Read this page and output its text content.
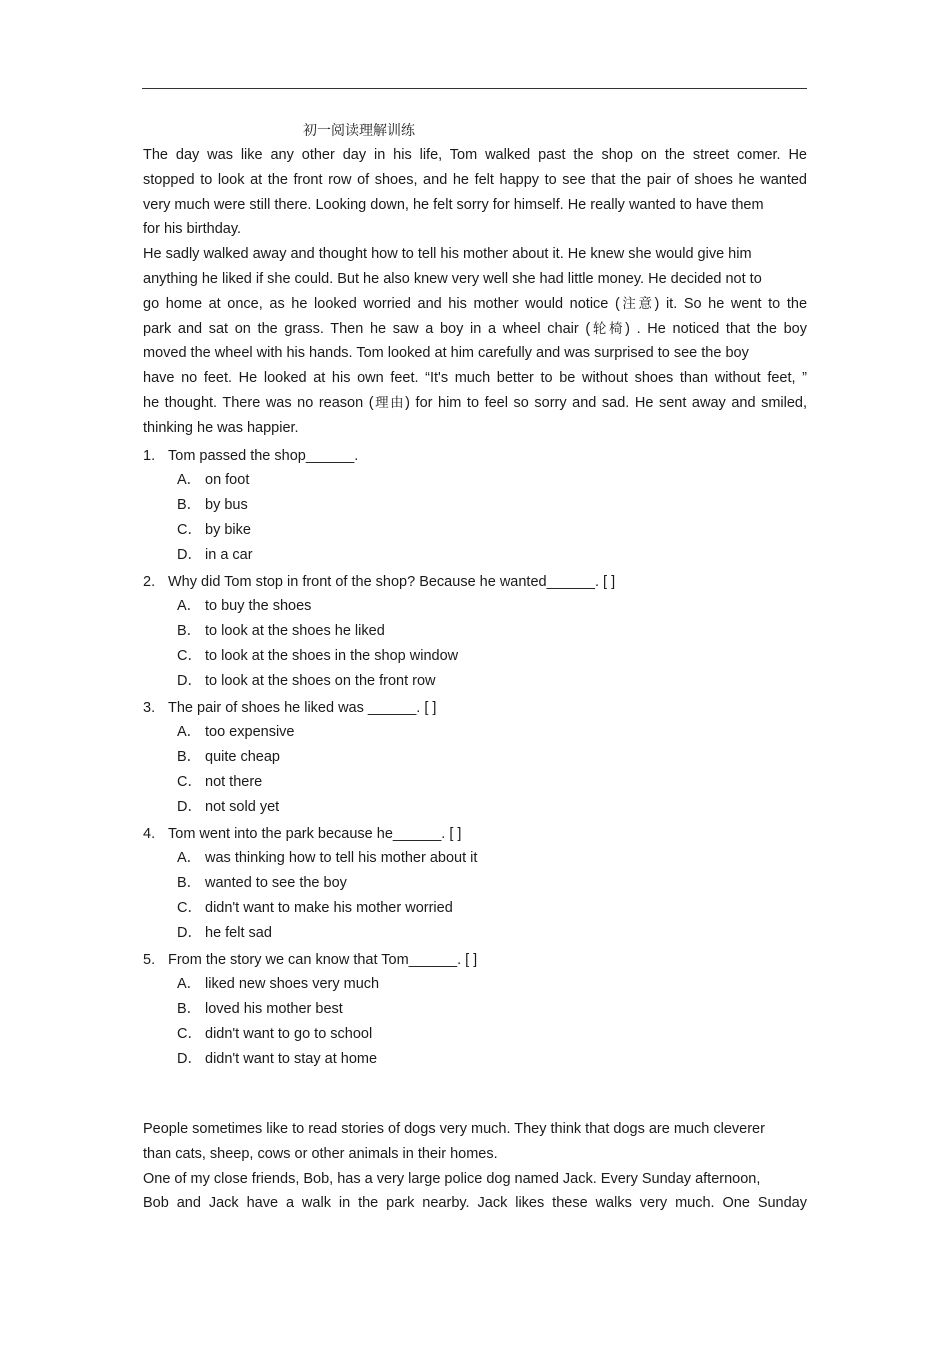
初一阅读理解训练

The day was like any other day in his life, Tom walked past the shop on the street comer. He

stopped to look at the front row of shoes, and he felt happy to see that the pair of shoes he wanted

very much were still there. Looking down, he felt sorry for himself. He really wanted to have them

for his birthday.

He sadly walked away and thought how to tell his mother about it. He knew she would give him

anything he liked if she could. But he also knew very well she had little money. He decided not to

go home at once, as he looked worried and his mother would notice (注意) it. So he went to the

park and sat on the grass. Then he saw a boy in a wheel chair (轮椅) . He noticed that the boy

moved the wheel with his hands. Tom looked at him carefully and was surprised to see the boy

have no feet. He looked at his own feet. “It's much better to be without shoes than without feet, ”

he thought. There was no reason (理由) for him to feel so sorry and sad. He sent away and smiled,

thinking he was happier.

1. Tom passed the shop______.
A． on foot
B． by bus
C． by bike
D． in a car
2. Why did Tom stop in front of the shop? Because he wanted______. [ ]
A． to buy the shoes
B． to look at the shoes he liked
C． to look at the shoes in the shop window
D． to look at the shoes on the front row
3. The pair of shoes he liked was ______. [ ]
A． too expensive
B． quite cheap
C． not there
D． not sold yet
4. Tom went into the park because he______. [ ]
A． was thinking how to tell his mother about it
B． wanted to see the boy
C． didn't want to make his mother worried
D． he felt sad
5. From the story we can know that Tom______. [ ]
A． liked new shoes very much
B． loved his mother best
C． didn't want to go to school
D． didn't want to stay at home

People sometimes like to read stories of dogs very much. They think that dogs are much cleverer

than cats, sheep, cows or other animals in their homes.

One of my close friends, Bob, has a very large police dog named Jack. Every Sunday afternoon,

Bob and Jack have a walk in the park nearby. Jack likes these walks very much. One Sunday
